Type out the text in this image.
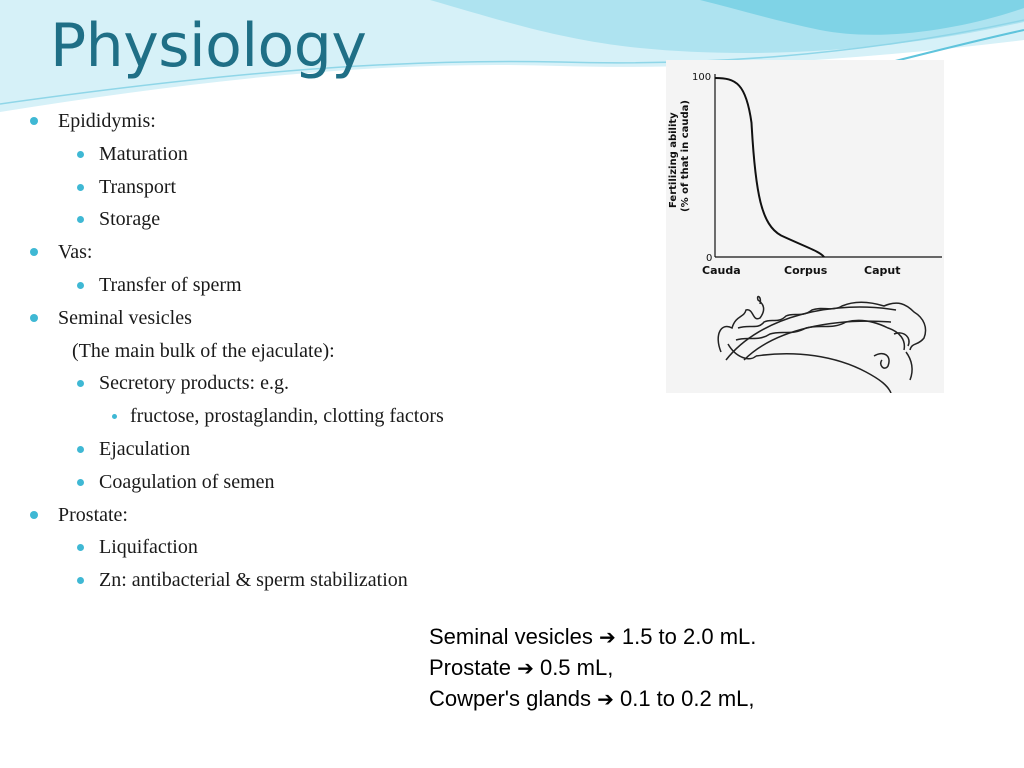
Physiology
Epididymis:
Maturation
Transport
Storage
Vas:
Transfer of sperm
Seminal vesicles
(The main bulk of the ejaculate):
Secretory products: e.g.
fructose, prostaglandin, clotting factors
Ejaculation
Coagulation of semen
Prostate:
Liquifaction
Zn: antibacterial & sperm stabilization
Fertilizing ability (% of that in cauda)
100
0
Cauda	Corpus	Caput
Seminal vesicles ➔ 1.5 to 2.0 mL.
Prostate ➔ 0.5 mL,
Cowper's glands ➔ 0.1 to 0.2 mL,
